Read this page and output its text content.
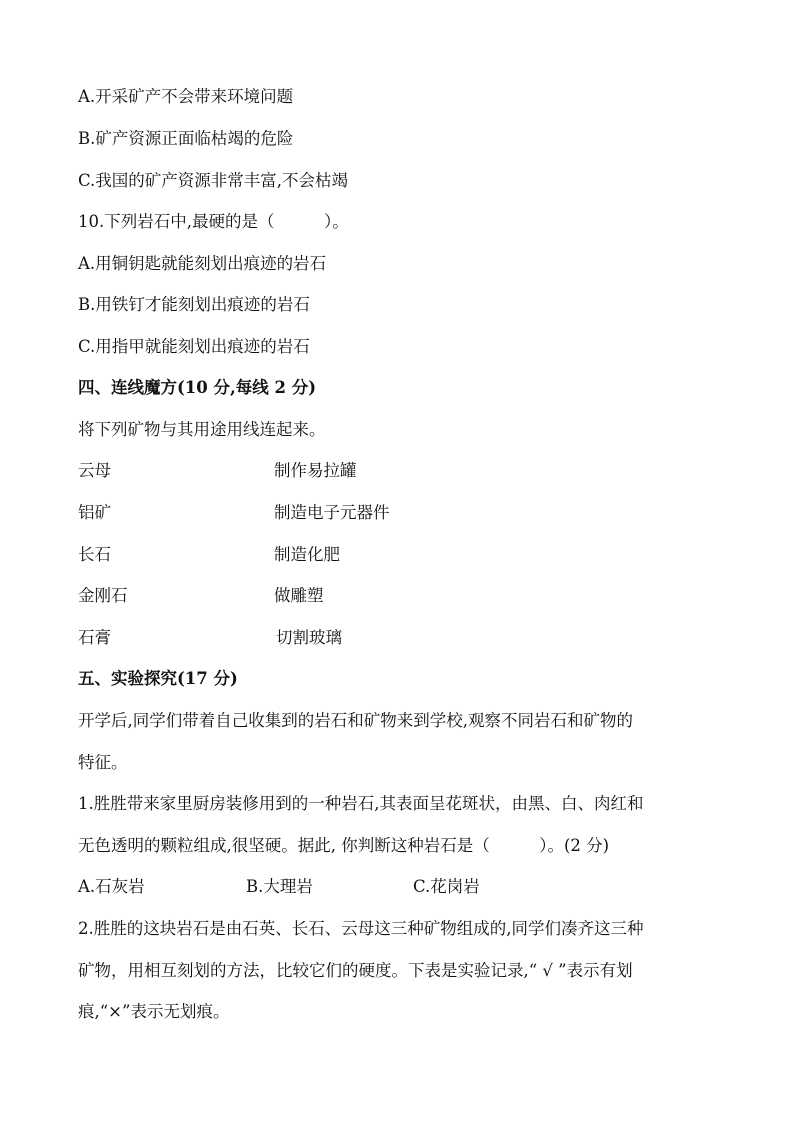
A.开采矿产不会带来环境问题
B.矿产资源正面临枯竭的危险
C.我国的矿产资源非常丰富,不会枯竭
10.下列岩石中,最硬的是（　　　）。
A.用铜钥匙就能刻划出痕迹的岩石
B.用铁钉才能刻划出痕迹的岩石
C.用指甲就能刻划出痕迹的岩石
四、连线魔方(10 分,每线 2 分)
将下列矿物与其用途用线连起来。
云母	制作易拉罐
铝矿	制造电子元器件
长石	制造化肥
金刚石	做雕塑
石膏	切割玻璃
五、实验探究(17 分)
开学后,同学们带着自己收集到的岩石和矿物来到学校,观察不同岩石和矿物的
特征。
1.胜胜带来家里厨房装修用到的一种岩石,其表面呈花斑状，由黑、白、肉红和
无色透明的颗粒组成,很坚硬。据此, 你判断这种岩石是（　　　）。(2 分)
A.石灰岩	B.大理岩	C.花岗岩
2.胜胜的这块岩石是由石英、长石、云母这三种矿物组成的,同学们凑齐这三种
矿物，用相互刻划的方法，比较它们的硬度。下表是实验记录,“ √ ”表示有划
痕,“×”表示无划痕。
